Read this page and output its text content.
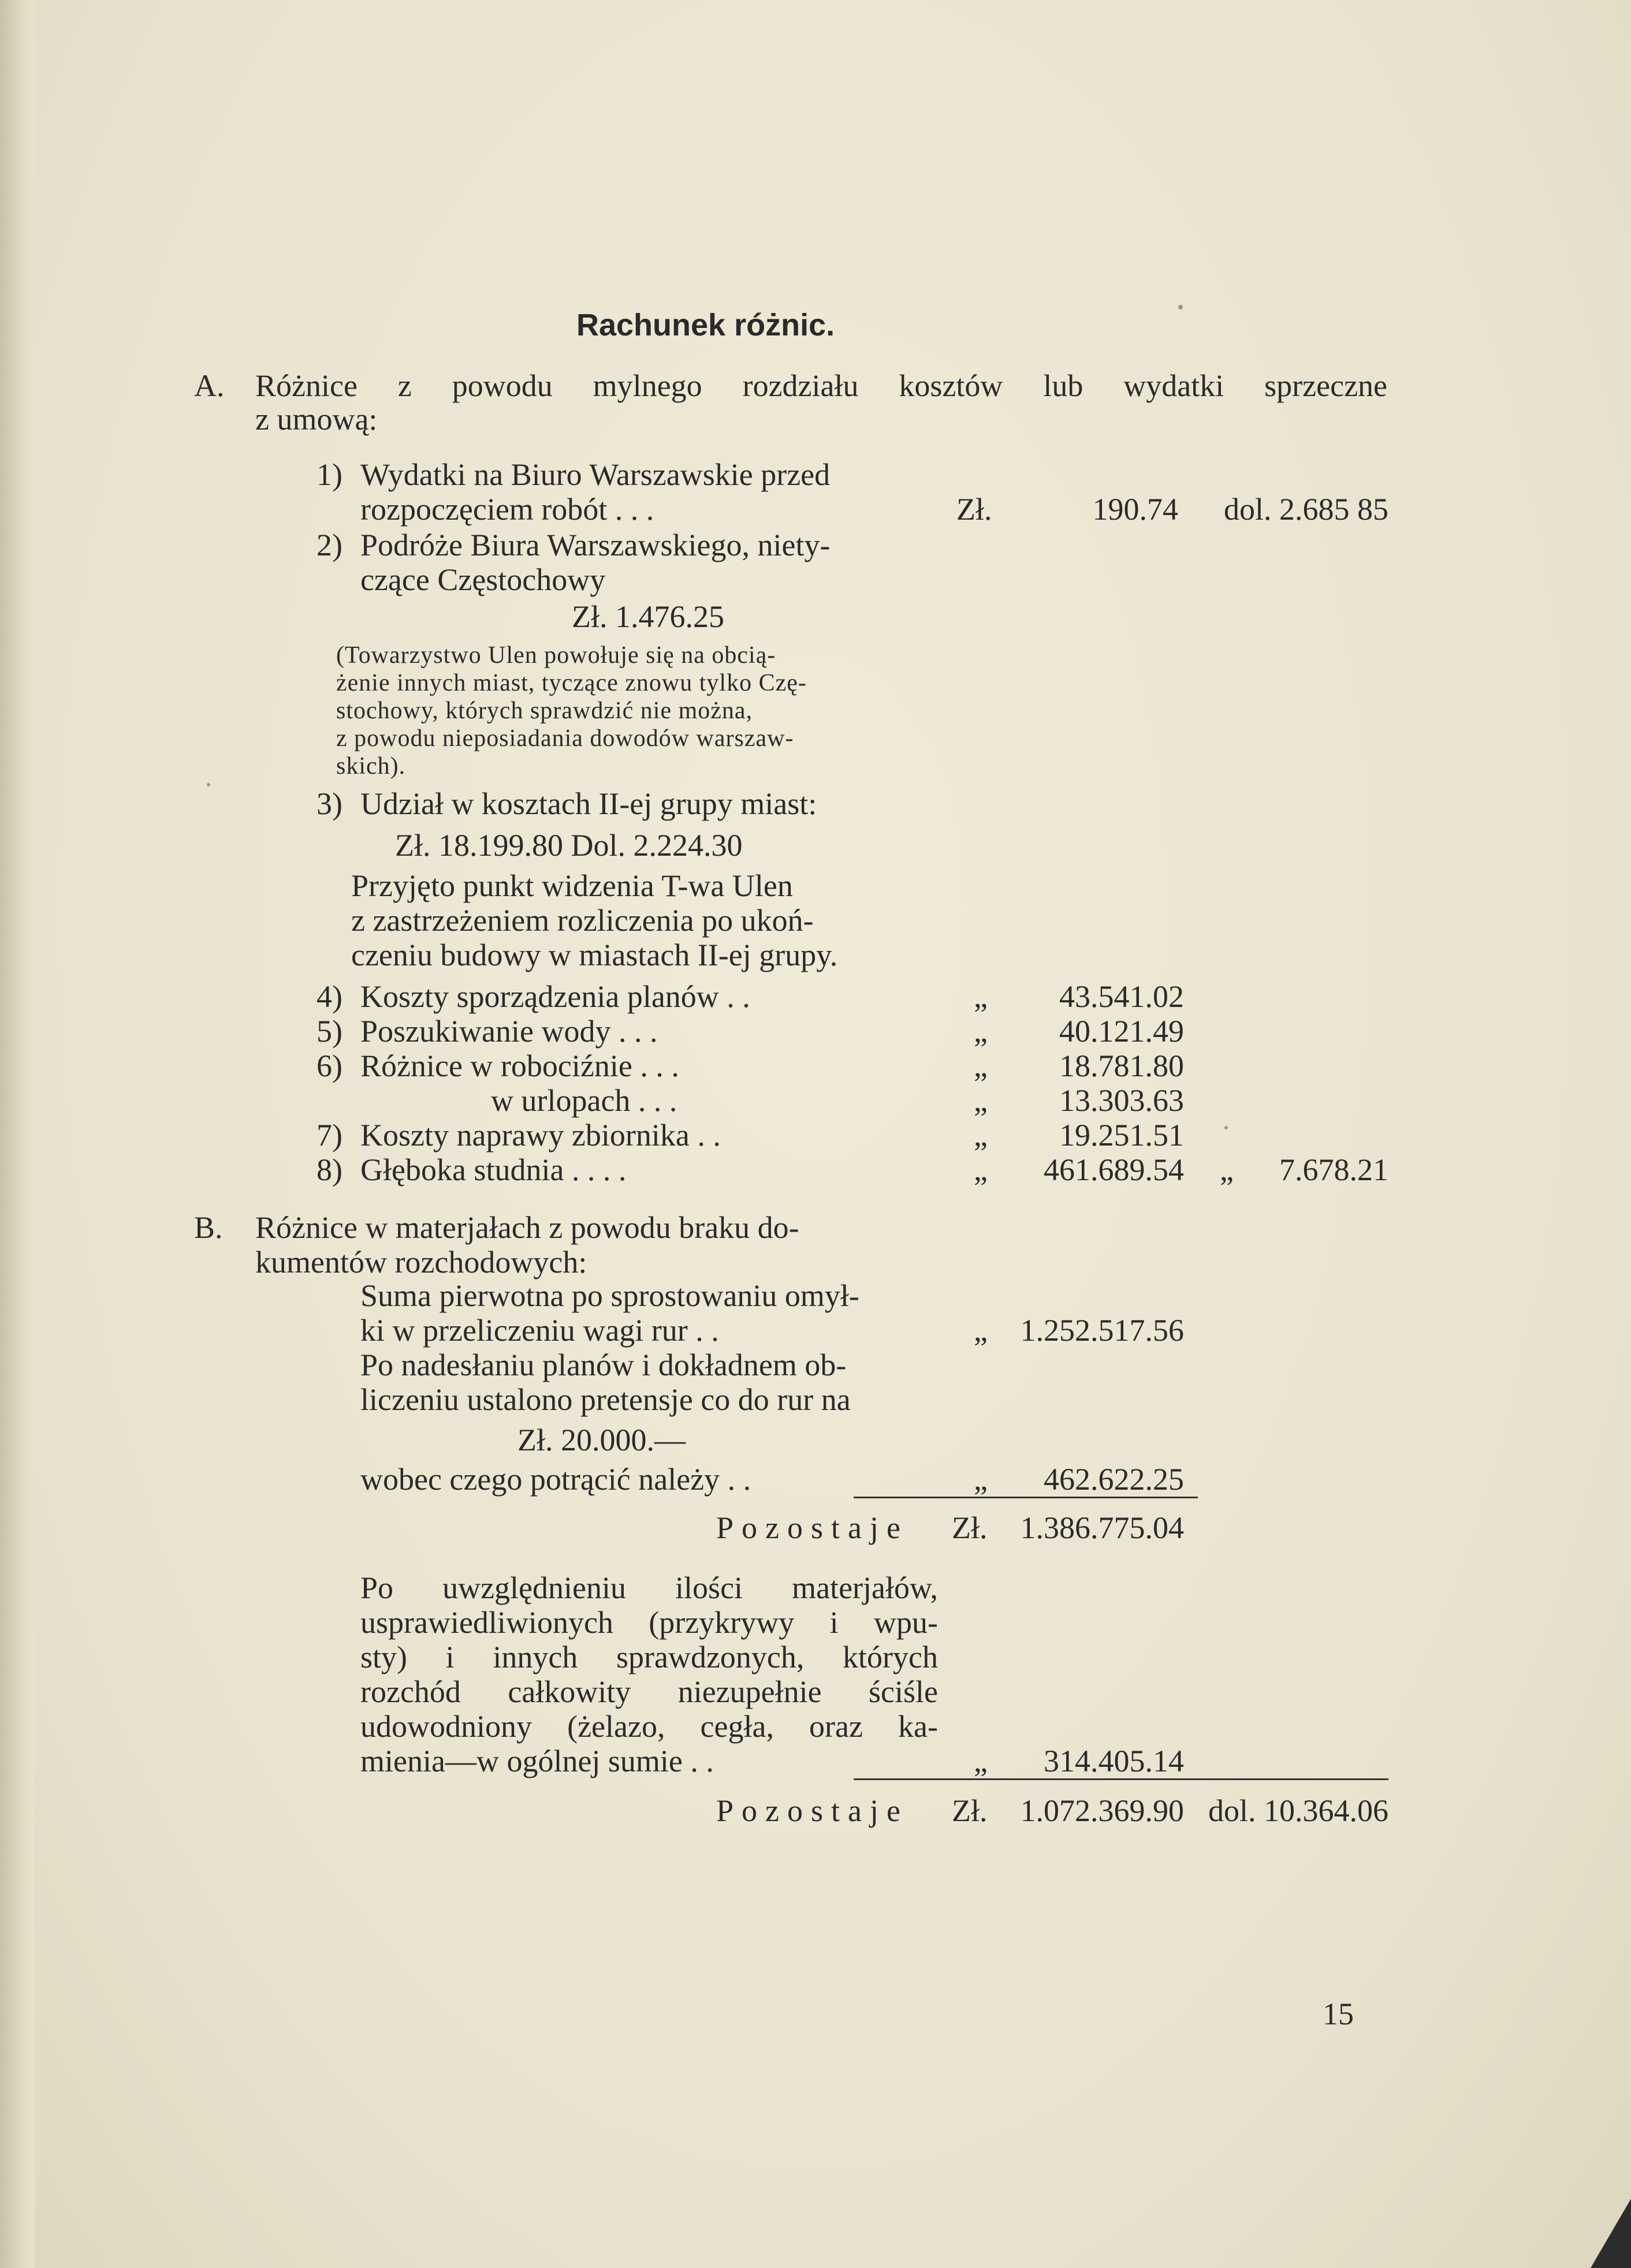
Rachunek różnic.
A. Różnice z powodu mylnego rozdziału kosztów lub wydatki sprzeczne
z umową:
1) Wydatki na Biuro Warszawskie przed
rozpoczęciem robót . . .	Zł.	190.74	dol. 2.685 85
2) Podróże Biura Warszawskiego, niety-
czące Częstochowy
Zł. 1.476.25
(Towarzystwo Ulen powołuje się na obcią-
żenie innych miast, tyczące znowu tylko Czę-
stochowy, których sprawdzić nie można,
z powodu nieposiadania dowodów warszaw-
skich).
3) Udział w kosztach II-ej grupy miast:
Zł. 18.199.80 Dol. 2.224.30
Przyjęto punkt widzenia T-wa Ulen
z zastrzeżeniem rozliczenia po ukoń-
czeniu budowy w miastach II-ej grupy.
4) Koszty sporządzenia planów . .	„	43.541.02
5) Poszukiwanie wody . . .	„	40.121.49
6) Różnice w robociźnie . . .	„	18.781.80
w urlopach . . .	„	13.303.63
7) Koszty naprawy zbiornika . .	„	19.251.51
8) Głęboka studnia . . . .	„	461.689.54 „	7.678.21
B. Różnice w materjałach z powodu braku do-
kumentów rozchodowych:
Suma pierwotna po sprostowaniu omył-
ki w przeliczeniu wagi rur . .	„	1.252.517.56
Po nadesłaniu planów i dokładnem ob-
liczeniu ustalono pretensje co do rur na
Zł. 20.000.—
wobec czego potrącić należy . .	„	462.622.25
Pozostaje Zł.	1.386.775.04
Po uwzględnieniu ilości materjałów,
usprawiedliwionych (przykrywy i wpu-
sty) i innych sprawdzonych, których
rozchód całkowity niezupełnie ściśle
udowodniony (żelazo, cegła, oraz ka-
mienia—w ogólnej sumie . .	„	314.405.14
Pozostaje Zł.	1.072.369.90 dol. 10.364.06
15
